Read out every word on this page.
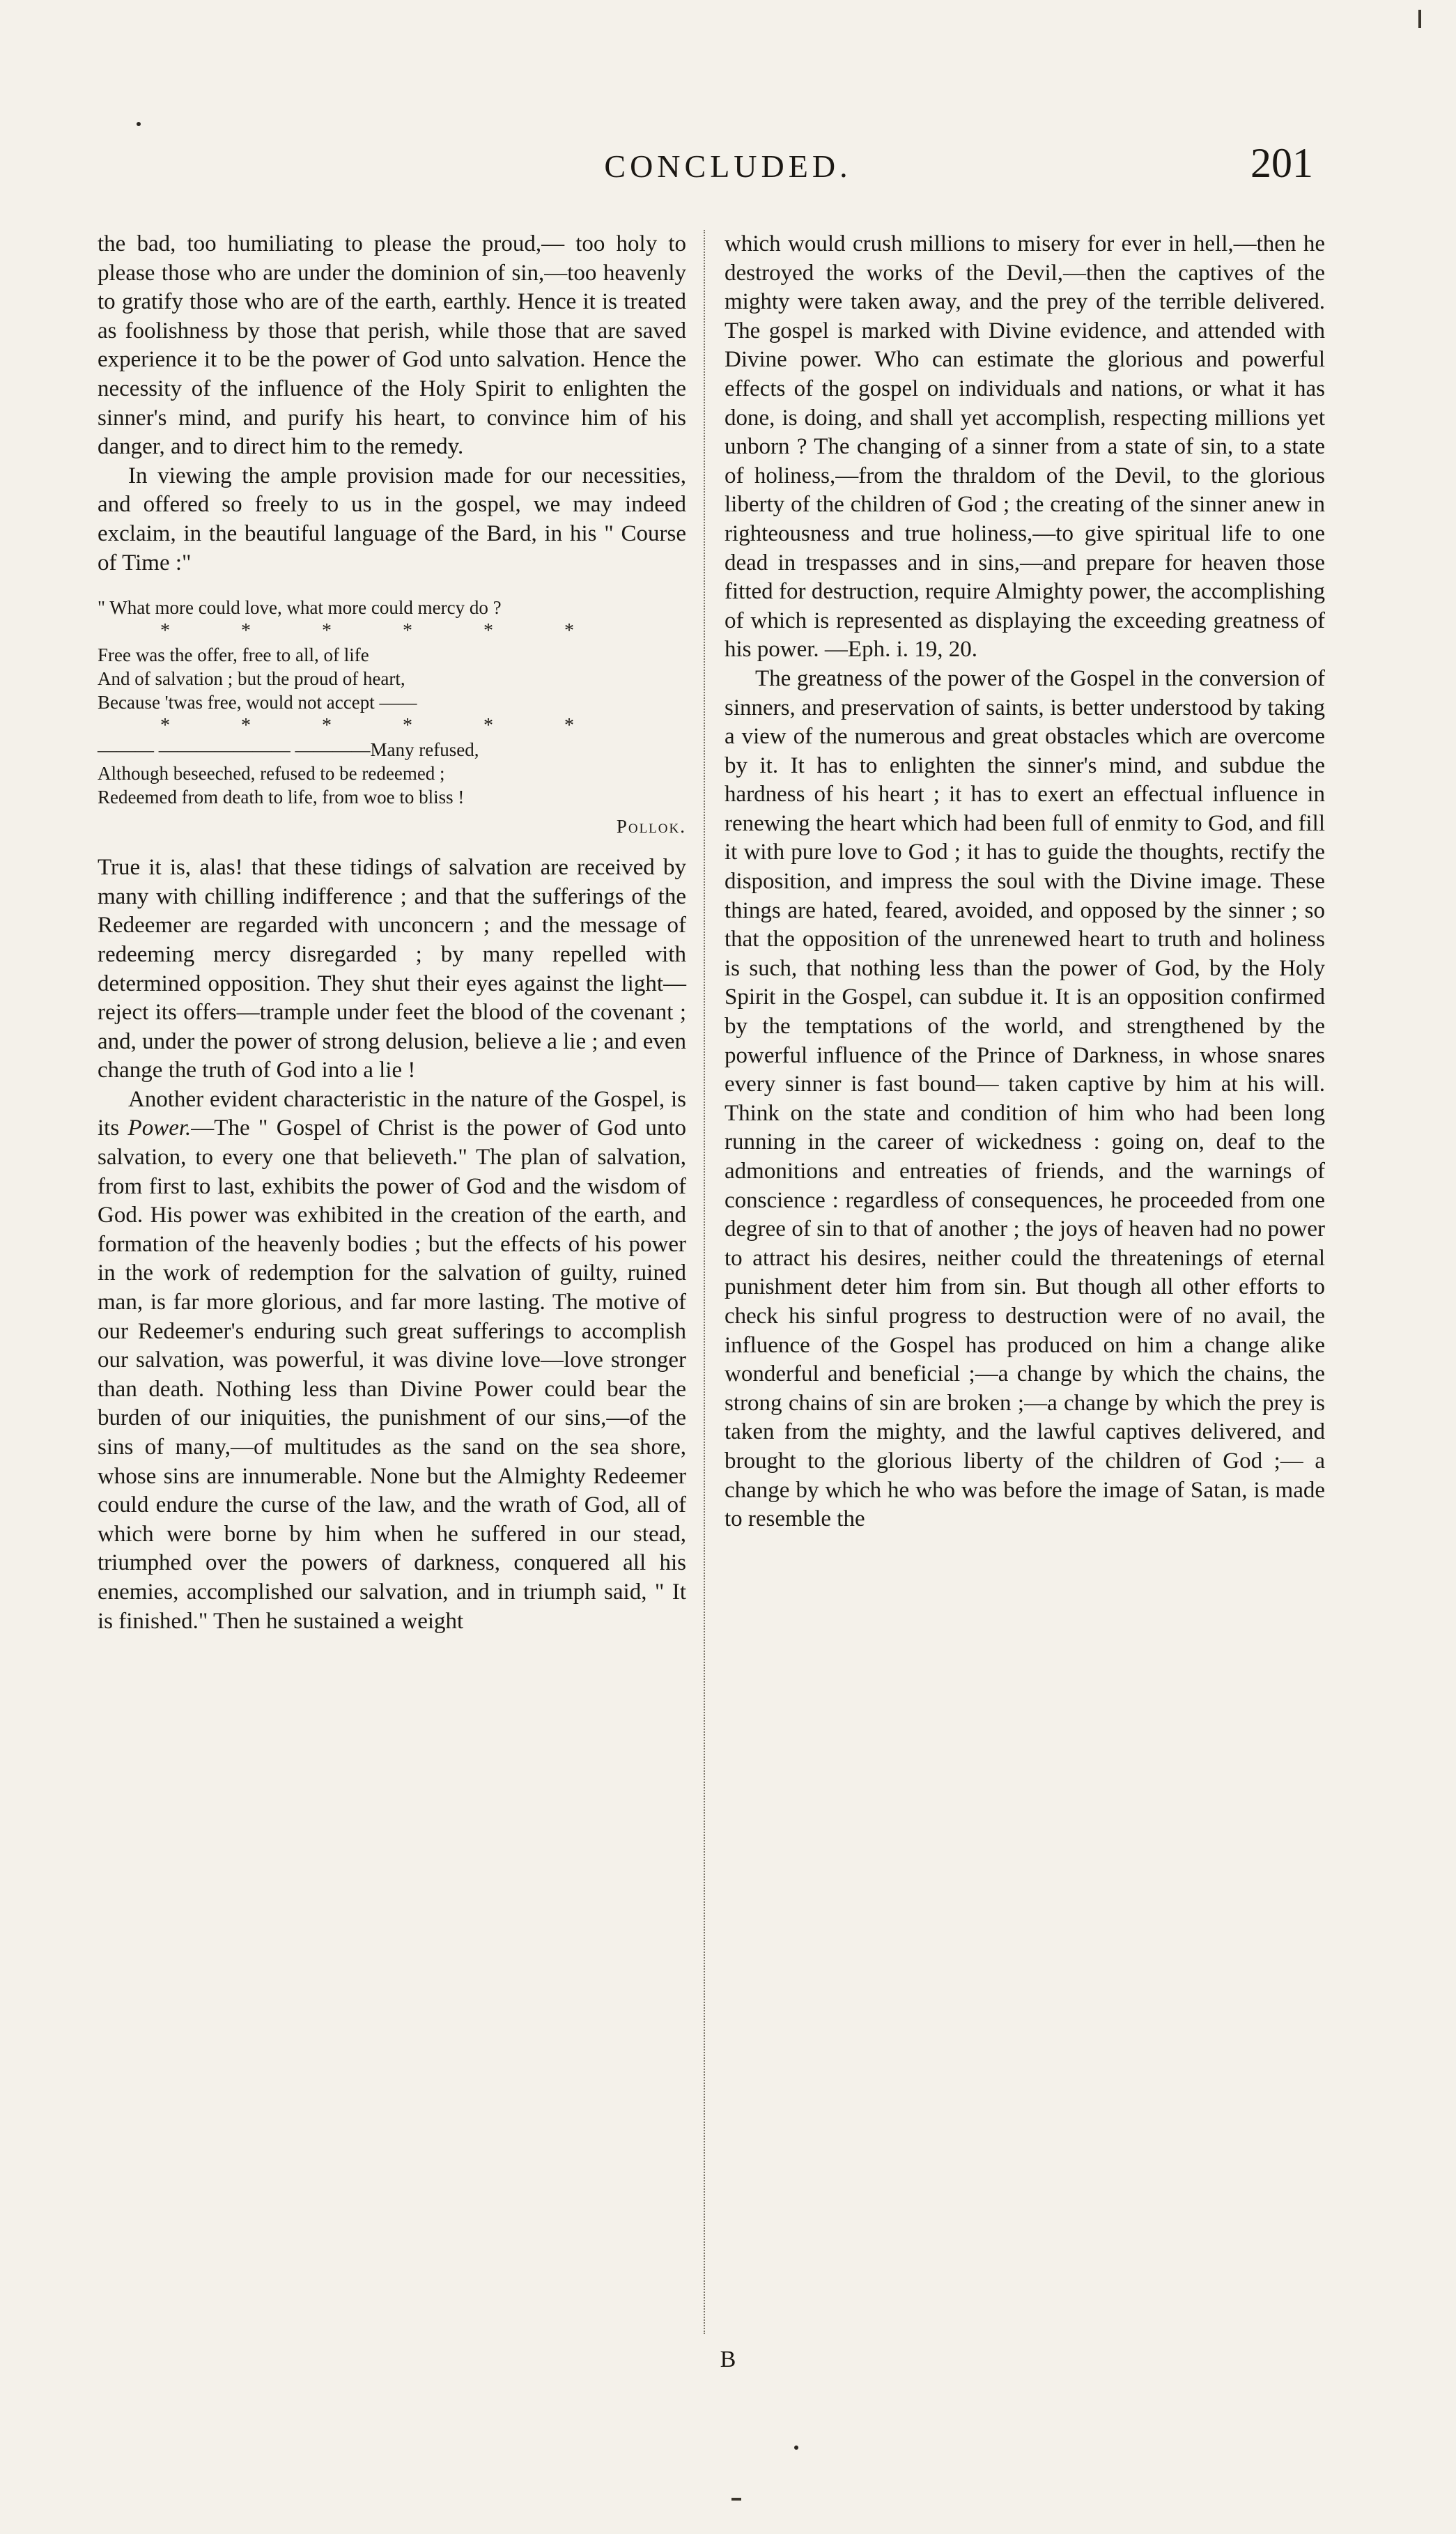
CONCLUDED.	201

the bad, too humiliating to please the proud,— too holy to please those who are under the dominion of sin,—too heavenly to gratify those who are of the earth, earthly. Hence it is treated as foolishness by those that perish, while those that are saved experience it to be the power of God unto salvation. Hence the necessity of the influence of the Holy Spirit to enlighten the sinner's mind, and purify his heart, to convince him of his danger, and to direct him to the remedy.

In viewing the ample provision made for our necessities, and offered so freely to us in the gospel, we may indeed exclaim, in the beautiful language of the Bard, in his " Course of Time :"

" What more could love, what more could mercy do ?
* * * * * *
Free was the offer, free to all, of life
And of salvation ; but the proud of heart,
Because 'twas free, would not accept ——
* * * * * *
——— ——————— ————Many refused,
Although beseeched, refused to be redeemed ;
Redeemed from death to life, from woe to bliss !
Pollok.

True it is, alas! that these tidings of salvation are received by many with chilling indifference ; and that the sufferings of the Redeemer are regarded with unconcern ; and the message of redeeming mercy disregarded ; by many repelled with determined opposition. They shut their eyes against the light—reject its offers—trample under feet the blood of the covenant ; and, under the power of strong delusion, believe a lie ; and even change the truth of God into a lie !

Another evident characteristic in the nature of the Gospel, is its Power.—The " Gospel of Christ is the power of God unto salvation, to every one that believeth." The plan of salvation, from first to last, exhibits the power of God and the wisdom of God. His power was exhibited in the creation of the earth, and formation of the heavenly bodies ; but the effects of his power in the work of redemption for the salvation of guilty, ruined man, is far more glorious, and far more lasting. The motive of our Redeemer's enduring such great sufferings to accomplish our salvation, was powerful, it was divine love—love stronger than death. Nothing less than Divine Power could bear the burden of our iniquities, the punishment of our sins,—of the sins of many,—of multitudes as the sand on the sea shore, whose sins are innumerable. None but the Almighty Redeemer could endure the curse of the law, and the wrath of God, all of which were borne by him when he suffered in our stead, triumphed over the powers of darkness, conquered all his enemies, accomplished our salvation, and in triumph said, " It is finished." Then he sustained a weight

which would crush millions to misery for ever in hell,—then he destroyed the works of the Devil,—then the captives of the mighty were taken away, and the prey of the terrible delivered. The gospel is marked with Divine evidence, and attended with Divine power. Who can estimate the glorious and powerful effects of the gospel on individuals and nations, or what it has done, is doing, and shall yet accomplish, respecting millions yet unborn ? The changing of a sinner from a state of sin, to a state of holiness,—from the thraldom of the Devil, to the glorious liberty of the children of God ; the creating of the sinner anew in righteousness and true holiness,—to give spiritual life to one dead in trespasses and in sins,—and prepare for heaven those fitted for destruction, require Almighty power, the accomplishing of which is represented as displaying the exceeding greatness of his power. —Eph. i. 19, 20.

The greatness of the power of the Gospel in the conversion of sinners, and preservation of saints, is better understood by taking a view of the numerous and great obstacles which are overcome by it. It has to enlighten the sinner's mind, and subdue the hardness of his heart ; it has to exert an effectual influence in renewing the heart which had been full of enmity to God, and fill it with pure love to God ; it has to guide the thoughts, rectify the disposition, and impress the soul with the Divine image. These things are hated, feared, avoided, and opposed by the sinner ; so that the opposition of the unrenewed heart to truth and holiness is such, that nothing less than the power of God, by the Holy Spirit in the Gospel, can subdue it. It is an opposition confirmed by the temptations of the world, and strengthened by the powerful influence of the Prince of Darkness, in whose snares every sinner is fast bound— taken captive by him at his will. Think on the state and condition of him who had been long running in the career of wickedness : going on, deaf to the admonitions and entreaties of friends, and the warnings of conscience : regardless of consequences, he proceeded from one degree of sin to that of another ; the joys of heaven had no power to attract his desires, neither could the threatenings of eternal punishment deter him from sin. But though all other efforts to check his sinful progress to destruction were of no avail, the influence of the Gospel has produced on him a change alike wonderful and beneficial ;—a change by which the chains, the strong chains of sin are broken ;—a change by which the prey is taken from the mighty, and the lawful captives delivered, and brought to the glorious liberty of the children of God ;— a change by which he who was before the image of Satan, is made to resemble the

B
